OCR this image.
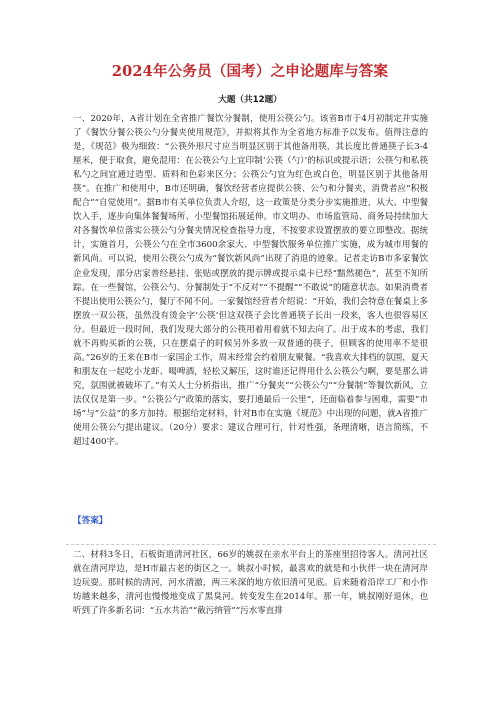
2024年公务员（国考）之申论题库与答案
大题（共12题）
一、2020年，A省计划在全省推广餐饮分餐制，使用公筷公勺。该省B市于4月初制定并实施了《餐饮分餐公筷公勺分餐夹使用规范》，并拟将其作为全省地方标准予以发布。值得注意的是，《规范》极为细致：“公筷外形尺寸应当明显区别于其他备用筷，其长度比普通筷子长3-4厘米，便于取食，避免混用：在公筷公勺上宜印制‘公筷（勺）’的标识或提示语；公筷勺和私筷私勺之间宜通过造型、质料和色彩来区分；公筷公勺宜为红色或白色，明显区别于其他备用筷”。在推广和使用中，B市还明确，餐饮经营者应提供公筷、公勺和分餐夹，消费者应“积极配合”“自觉使用”。据B市有关单位负责人介绍，这一政策是分类分步实施推进，从大、中型餐饮入手，逐步向集体餐餐场所、小型餐馆拓展延伸。市文明办、市场监管局、商务局持续加大对各餐饮单位落实公筷公勺分餐夹情况检查指导力度，不按要求设置摆放的要立即整改。据统计，实施首月，公筷公勺在全市3600余家大、中型餐饮服务单位推广实施，成为城市用餐的新风尚。可以说，使用公筷公勺成为“餐饮新风尚”出现了消退的迹象。记者走访B市多家餐饮企业发现，部分店家普经悬挂、张贴或摆放的提示牌或提示桌卡已经“黯然褪色”，甚至不知所踪。在一些餐馆，公筷公勺、分餐制处于“不反对”“不提醒”“不敢说”的随意状态。如果消费者不提出使用公筷公勺，餐厅不闻不问。一家餐馆经营者介绍说：“开始，我们会特意在餐桌上多摆放一双公筷，虽然没有烫金字‘公筷’但这双筷子会比普通筷子长出一段来，客人也很容易区分。但最近一段时间，我们发现大部分的公筷用着用着就不知去向了。出于成本的考虑，我们就不再购买新的公筷，只在摆桌子的时候另外多放一双普通的筷子，但顾客的使用率不是很高。”26岁的王来在B市一家国企工作，周末经常会约着朋友聚餐。“我喜欢大排档的氛围，夏天和朋友在一起吃小龙虾、喝啤酒，轻松又解压，这时谁还记得用什么公筷公勺啊，要是那么讲究，氛围就被破坏了。”有关人士分析指出，推广“分餐夹”“公筷公勺”“分餐制”等餐饮新风，立法仅仅是第一步。“公筷公勺”政策的落实，要打通最后一公里“，还面临着参与困难，需要”市场“与”公益“的多方加持。根据给定材料，针对B市在实施《规范》中出现的问题，就A省推广使用公筷公勺提出建议。（20分）要求：建议合理可行，针对性强，条理清晰，语言简练，不超过400字。
【答案】
二、材料3冬日，石板街道清河社区，66岁的姚叔在亲水平台上的茶座里招待客人。清河社区就在清河岸边，是H市最古老的街区之一。姚叔小时候，最喜欢的就是和小伙伴一块在清河岸边玩耍。那时候的清河，河水清澈，两三米深的地方依旧清可见底。后来随着沿岸工厂和小作坊越来越多，清河也慢慢地变成了黑臭河。转变发生在2014年。那一年，姚叔刚好退休，也听到了许多新名词：“五水共治”“截污纳管”“污水零直排
